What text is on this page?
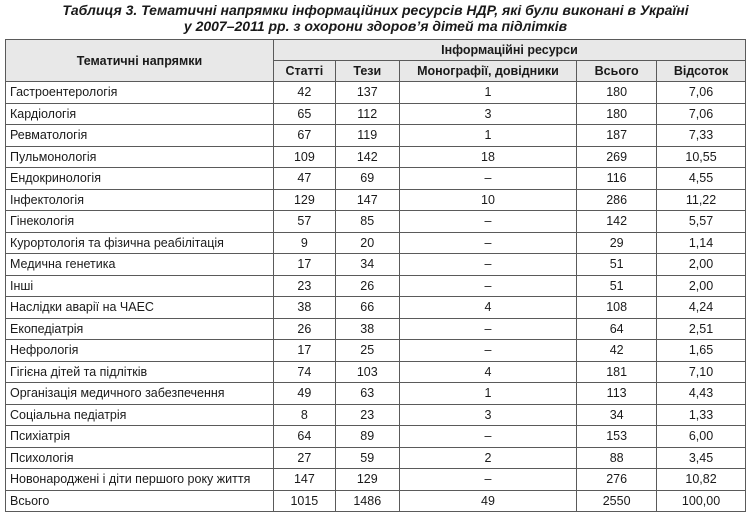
Таблиця 3. Тематичні напрямки інформаційних ресурсів НДР, які були виконані в Україні
у 2007–2011 рр. з охорони здоров’я дітей та підлітків
Тематичні напрямки	Інформаційні ресурси				
	Статті	Тези	Монографії, довідники	Всього	Відсоток
Гастроентерологія	42	137	1	180	7,06
Кардіологія	65	112	3	180	7,06
Ревматологія	67	119	1	187	7,33
Пульмонологія	109	142	18	269	10,55
Ендокринологія	47	69	–	116	4,55
Інфектологія	129	147	10	286	11,22
Гінекологія	57	85	–	142	5,57
Курортологія та фізична реабілітація	9	20	–	29	1,14
Медична генетика	17	34	–	51	2,00
Інші	23	26	–	51	2,00
Наслідки аварії на ЧАЕС	38	66	4	108	4,24
Екопедіатрія	26	38	–	64	2,51
Нефрологія	17	25	–	42	1,65
Гігієна дітей та підлітків	74	103	4	181	7,10
Організація медичного забезпечення	49	63	1	113	4,43
Соціальна педіатрія	8	23	3	34	1,33
Психіатрія	64	89	–	153	6,00
Психологія	27	59	2	88	3,45
Новонароджені і діти першого року життя	147	129	–	276	10,82
Всього	1015	1486	49	2550	100,00
